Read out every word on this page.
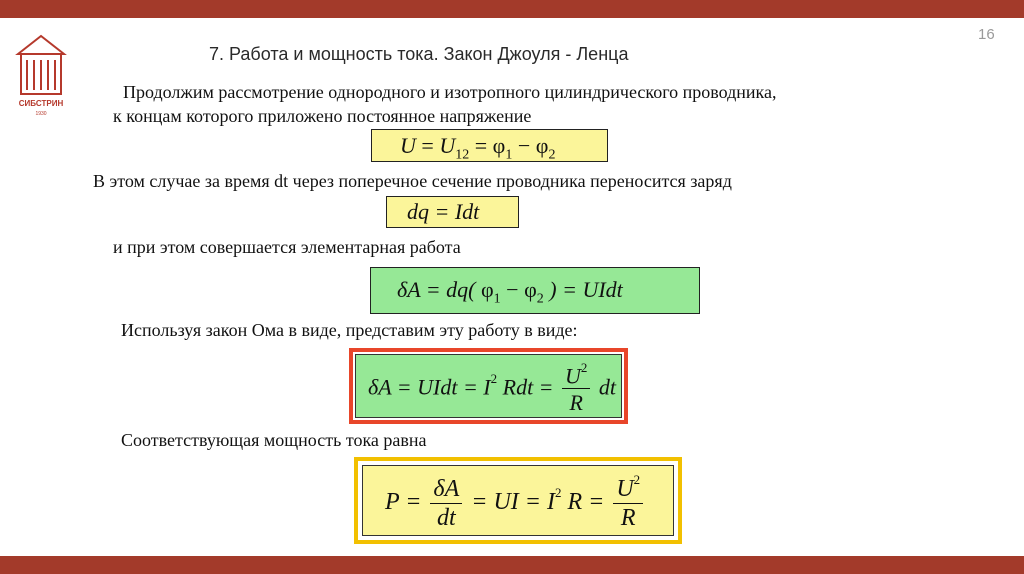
СИБСТРИН
1930
16
7. Работа и мощность тока. Закон Джоуля - Ленца
Продолжим рассмотрение однородного и изотропного цилиндрического проводника,
к концам которого приложено постоянное напряжение
$U = U_{12} = \varphi_1 - \varphi_2$
В этом случае за время dt через поперечное сечение проводника переносится заряд
dq = Idt
и при этом совершается элементарная работа
δA = dq( $\varphi_1 - \varphi_2$ ) = UIdt
Используя закон Ома в виде, представим эту работу в виде:
δA = UIdt = $I^2$ Rdt = $\frac{U^2}{R}$ dt
Соответствующая мощность тока равна
$P = \frac{\delta A}{dt}$ = UI = $I^2$ $R = \frac{U^2}{R}$
